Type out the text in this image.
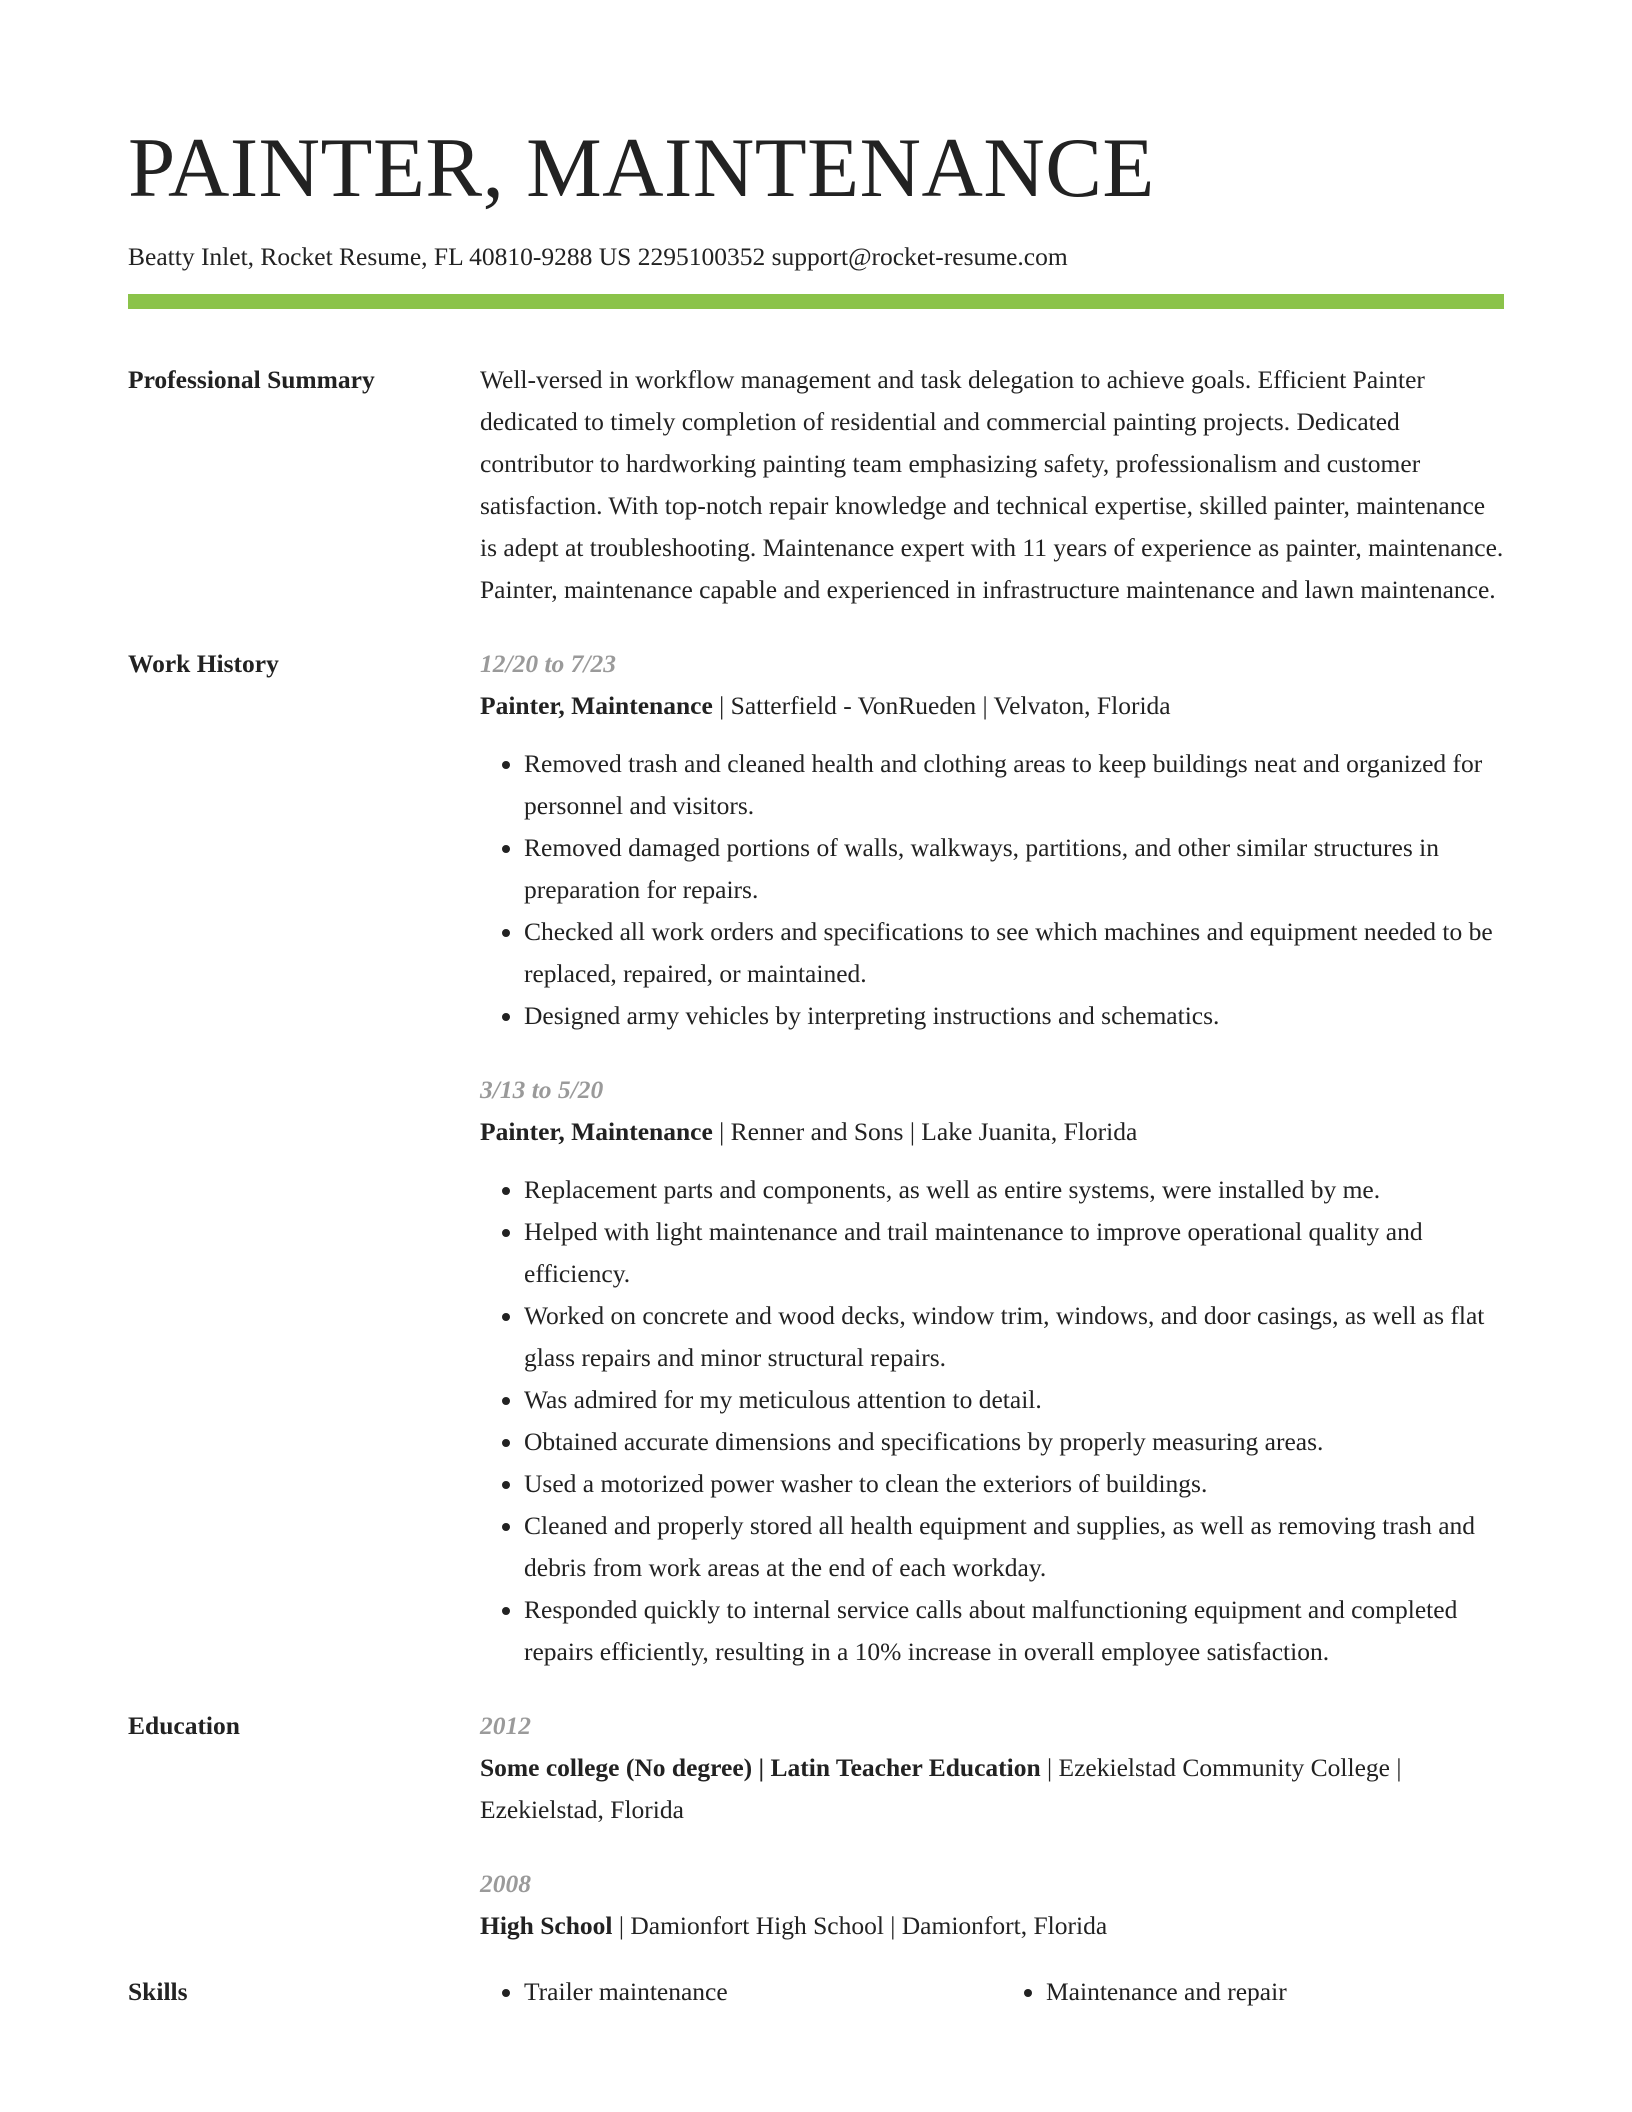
PAINTER, MAINTENANCE
Beatty Inlet, Rocket Resume, FL 40810-9288 US 2295100352 support@rocket-resume.com
Professional Summary	Well-versed in workflow management and task delegation to achieve goals. Efficient Painter dedicated to timely completion of residential and commercial painting projects. Dedicated contributor to hardworking painting team emphasizing safety, professionalism and customer satisfaction. With top-notch repair knowledge and technical expertise, skilled painter, maintenance is adept at troubleshooting. Maintenance expert with 11 years of experience as painter, maintenance. Painter, maintenance capable and experienced in infrastructure maintenance and lawn maintenance.

Work History	12/20 to 7/23
Painter, Maintenance | Satterfield - VonRueden | Velvaton, Florida
• Removed trash and cleaned health and clothing areas to keep buildings neat and organized for personnel and visitors.
• Removed damaged portions of walls, walkways, partitions, and other similar structures in preparation for repairs.
• Checked all work orders and specifications to see which machines and equipment needed to be replaced, repaired, or maintained.
• Designed army vehicles by interpreting instructions and schematics.
3/13 to 5/20
Painter, Maintenance | Renner and Sons | Lake Juanita, Florida
• Replacement parts and components, as well as entire systems, were installed by me.
• Helped with light maintenance and trail maintenance to improve operational quality and efficiency.
• Worked on concrete and wood decks, window trim, windows, and door casings, as well as flat glass repairs and minor structural repairs.
• Was admired for my meticulous attention to detail.
• Obtained accurate dimensions and specifications by properly measuring areas.
• Used a motorized power washer to clean the exteriors of buildings.
• Cleaned and properly stored all health equipment and supplies, as well as removing trash and debris from work areas at the end of each workday.
• Responded quickly to internal service calls about malfunctioning equipment and completed repairs efficiently, resulting in a 10% increase in overall employee satisfaction.
Education	2012
Some college (No degree) | Latin Teacher Education | Ezekielstad Community College | Ezekielstad, Florida
2008
High School | Damionfort High School | Damionfort, Florida
Skills	• Trailer maintenance	• Maintenance and repair
